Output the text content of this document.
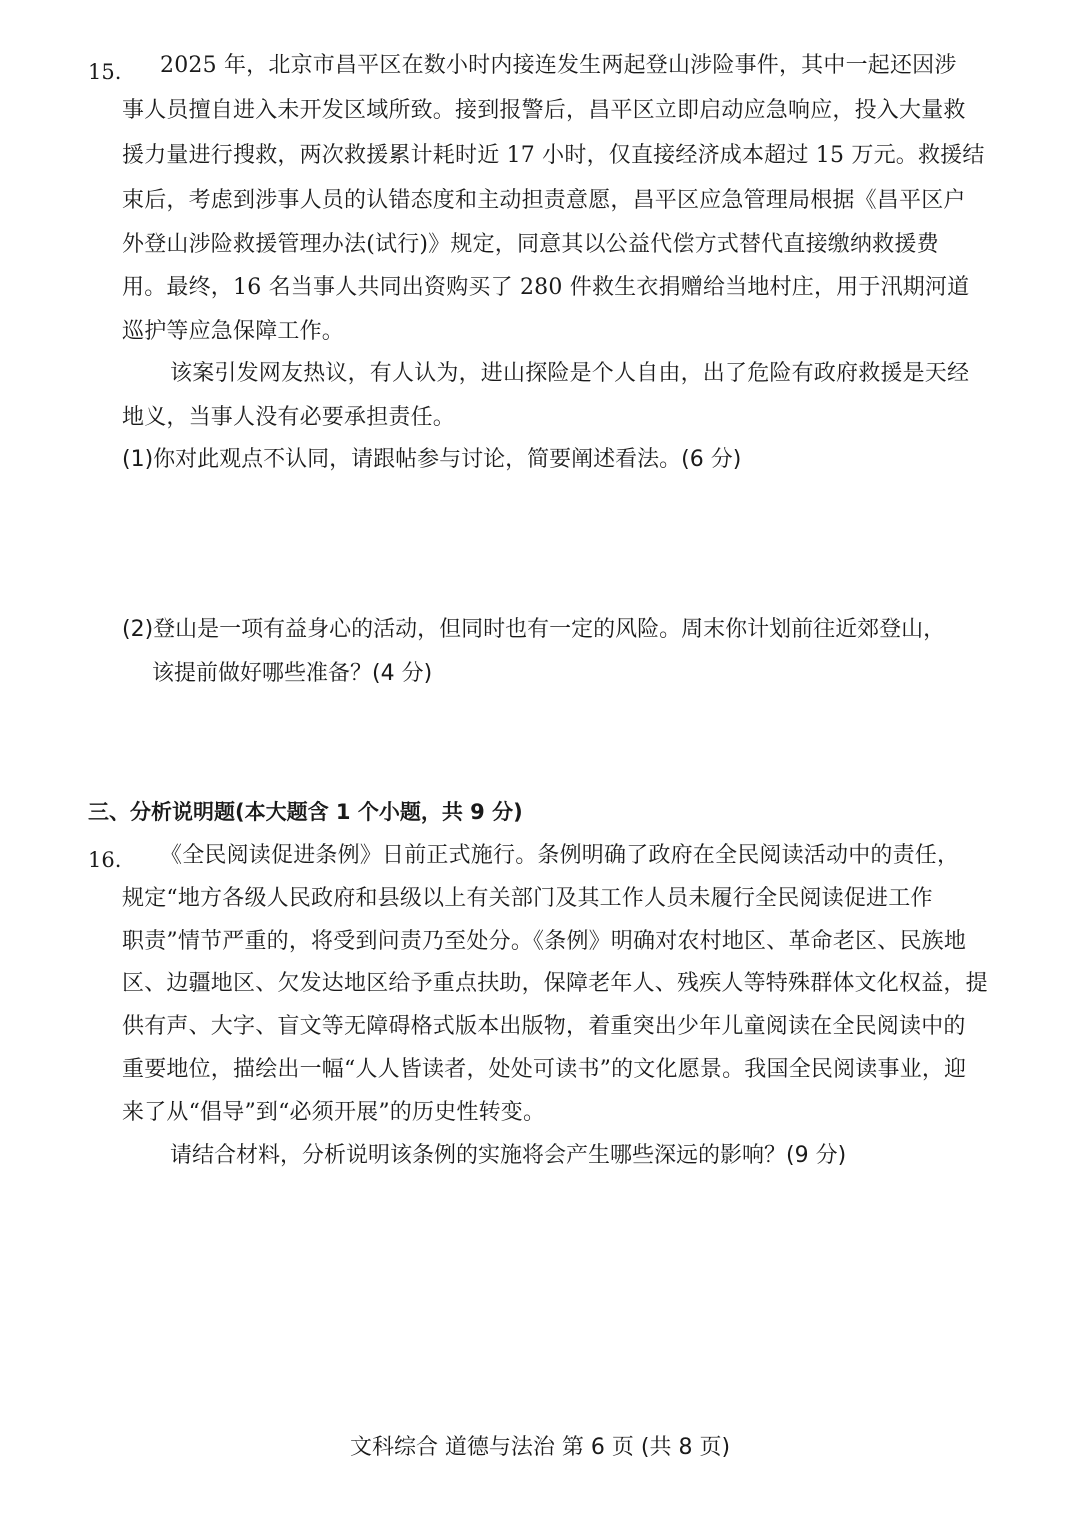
15. 2025 年，北京市昌平区在数小时内接连发生两起登山涉险事件，其中一起还因涉
事人员擅自进入未开发区域所致。接到报警后，昌平区立即启动应急响应，投入大量救
援力量进行搜救，两次救援累计耗时近 17 小时，仅直接经济成本超过 15 万元。救援结
束后，考虑到涉事人员的认错态度和主动担责意愿，昌平区应急管理局根据《昌平区户
外登山涉险救援管理办法(试行)》规定，同意其以公益代偿方式替代直接缴纳救援费
用。最终，16 名当事人共同出资购买了 280 件救生衣捐赠给当地村庄，用于汛期河道
巡护等应急保障工作。
该案引发网友热议，有人认为，进山探险是个人自由，出了危险有政府救援是天经
地义，当事人没有必要承担责任。
(1)你对此观点不认同，请跟帖参与讨论，简要阐述看法。(6 分)
(2)登山是一项有益身心的活动，但同时也有一定的风险。周末你计划前往近郊登山，
该提前做好哪些准备？(4 分)
三、分析说明题(本大题含 1 个小题，共 9 分)
16. 《全民阅读促进条例》日前正式施行。条例明确了政府在全民阅读活动中的责任，
规定“地方各级人民政府和县级以上有关部门及其工作人员未履行全民阅读促进工作
职责”情节严重的，将受到问责乃至处分。《条例》明确对农村地区、革命老区、民族地
区、边疆地区、欠发达地区给予重点扶助，保障老年人、残疾人等特殊群体文化权益，提
供有声、大字、盲文等无障碍格式版本出版物，着重突出少年儿童阅读在全民阅读中的
重要地位，描绘出一幅“人人皆读者，处处可读书”的文化愿景。我国全民阅读事业，迎
来了从“倡导”到“必须开展”的历史性转变。
请结合材料，分析说明该条例的实施将会产生哪些深远的影响？(9 分)
文科综合 道德与法治 第 6 页 (共 8 页)
